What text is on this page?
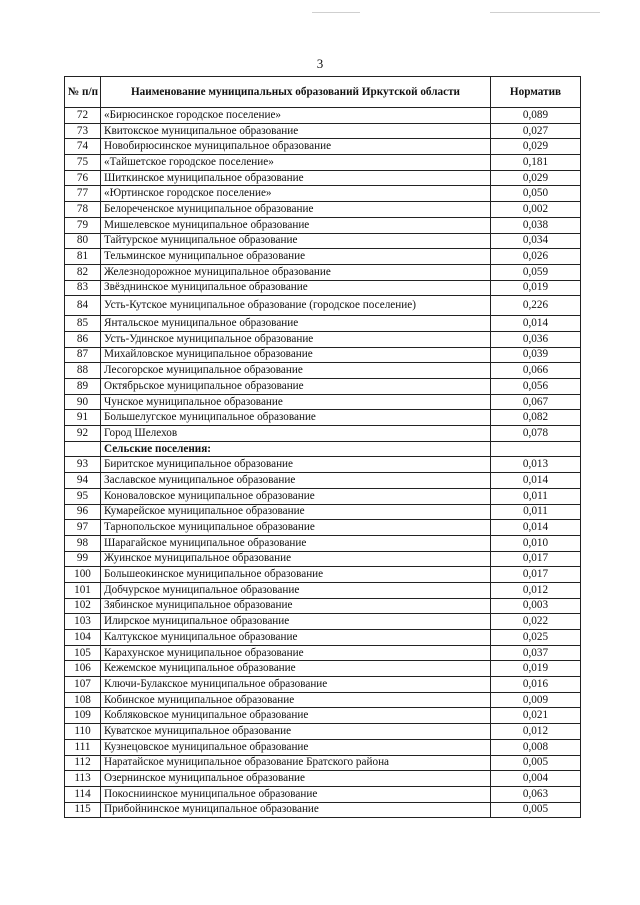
3
№ п/п	Наименование муниципальных образований Иркутской области	Норматив
72	«Бирюсинское городское поселение»	0,089
73	Квитокское муниципальное образование	0,027
74	Новобирюсинское муниципальное образование	0,029
75	«Тайшетское городское поселение»	0,181
76	Шиткинское муниципальное образование	0,029
77	«Юртинское городское поселение»	0,050
78	Белореченское муниципальное образование	0,002
79	Мишелевское муниципальное образование	0,038
80	Тайтурское муниципальное образование	0,034
81	Тельминское муниципальное образование	0,026
82	Железнодорожное муниципальное образование	0,059
83	Звёзднинское муниципальное образование	0,019
84	Усть-Кутское муниципальное образование (городское поселение)	0,226
85	Янтальское муниципальное образование	0,014
86	Усть-Удинское муниципальное образование	0,036
87	Михайловское муниципальное образование	0,039
88	Лесогорское муниципальное образование	0,066
89	Октябрьское муниципальное образование	0,056
90	Чунское муниципальное образование	0,067
91	Большелугское муниципальное образование	0,082
92	Город Шелехов	0,078
	Сельские поселения:	
93	Биритское муниципальное образование	0,013
94	Заславское муниципальное образование	0,014
95	Коноваловское муниципальное образование	0,011
96	Кумарейское муниципальное образование	0,011
97	Тарнопольское муниципальное образование	0,014
98	Шарагайское муниципальное образование	0,010
99	Жуинское муниципальное образование	0,017
100	Большеокинское муниципальное образование	0,017
101	Добчурское муниципальное образование	0,012
102	Зябинское муниципальное образование	0,003
103	Илирское муниципальное образование	0,022
104	Калтукское муниципальное образование	0,025
105	Карахунское муниципальное образование	0,037
106	Кежемское муниципальное образование	0,019
107	Ключи-Булакское муниципальное образование	0,016
108	Кобинское муниципальное образование	0,009
109	Кобляковское муниципальное образование	0,021
110	Куватское муниципальное образование	0,012
111	Кузнецовское муниципальное образование	0,008
112	Наратайское муниципальное образование Братского района	0,005
113	Озернинское муниципальное образование	0,004
114	Покосниинское муниципальное образование	0,063
115	Прибойнинское муниципальное образование	0,005
